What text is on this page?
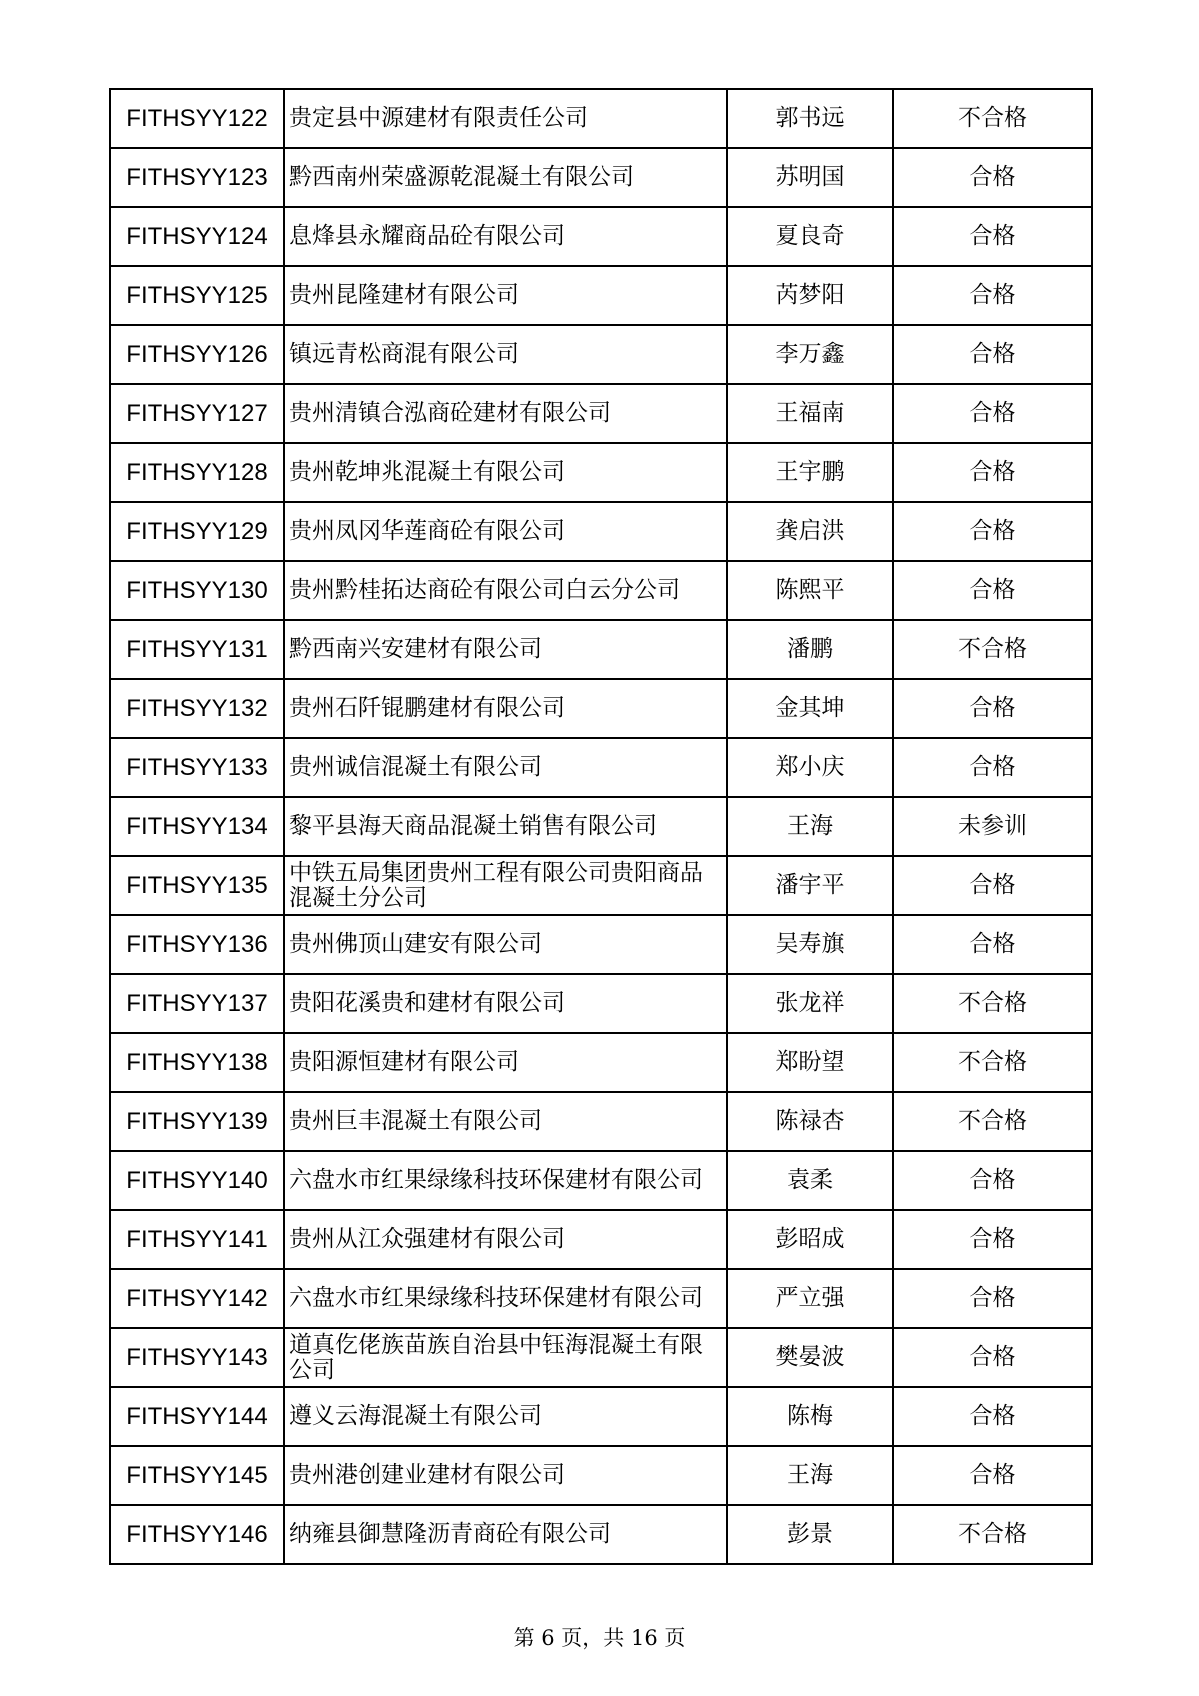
FITHSYY122	贵定县中源建材有限责任公司	郭书远	不合格
FITHSYY123	黔西南州荣盛源乾混凝土有限公司	苏明国	合格
FITHSYY124	息烽县永耀商品砼有限公司	夏良奇	合格
FITHSYY125	贵州昆隆建材有限公司	芮梦阳	合格
FITHSYY126	镇远青松商混有限公司	李万鑫	合格
FITHSYY127	贵州清镇合泓商砼建材有限公司	王福南	合格
FITHSYY128	贵州乾坤兆混凝土有限公司	王宇鹏	合格
FITHSYY129	贵州凤冈华莲商砼有限公司	龚启洪	合格
FITHSYY130	贵州黔桂拓达商砼有限公司白云分公司	陈熙平	合格
FITHSYY131	黔西南兴安建材有限公司	潘鹏	不合格
FITHSYY132	贵州石阡锟鹏建材有限公司	金其坤	合格
FITHSYY133	贵州诚信混凝土有限公司	郑小庆	合格
FITHSYY134	黎平县海天商品混凝土销售有限公司	王海	未参训
FITHSYY135	中铁五局集团贵州工程有限公司贵阳商品混凝土分公司	潘宇平	合格
FITHSYY136	贵州佛顶山建安有限公司	吴寿旗	合格
FITHSYY137	贵阳花溪贵和建材有限公司	张龙祥	不合格
FITHSYY138	贵阳源恒建材有限公司	郑盼望	不合格
FITHSYY139	贵州巨丰混凝土有限公司	陈禄杏	不合格
FITHSYY140	六盘水市红果绿缘科技环保建材有限公司	袁柔	合格
FITHSYY141	贵州从江众强建材有限公司	彭昭成	合格
FITHSYY142	六盘水市红果绿缘科技环保建材有限公司	严立强	合格
FITHSYY143	道真仡佬族苗族自治县中钰海混凝土有限公司	樊晏波	合格
FITHSYY144	遵义云海混凝土有限公司	陈梅	合格
FITHSYY145	贵州港创建业建材有限公司	王海	合格
FITHSYY146	纳雍县御慧隆沥青商砼有限公司	彭景	不合格
第 6 页，共 16 页
